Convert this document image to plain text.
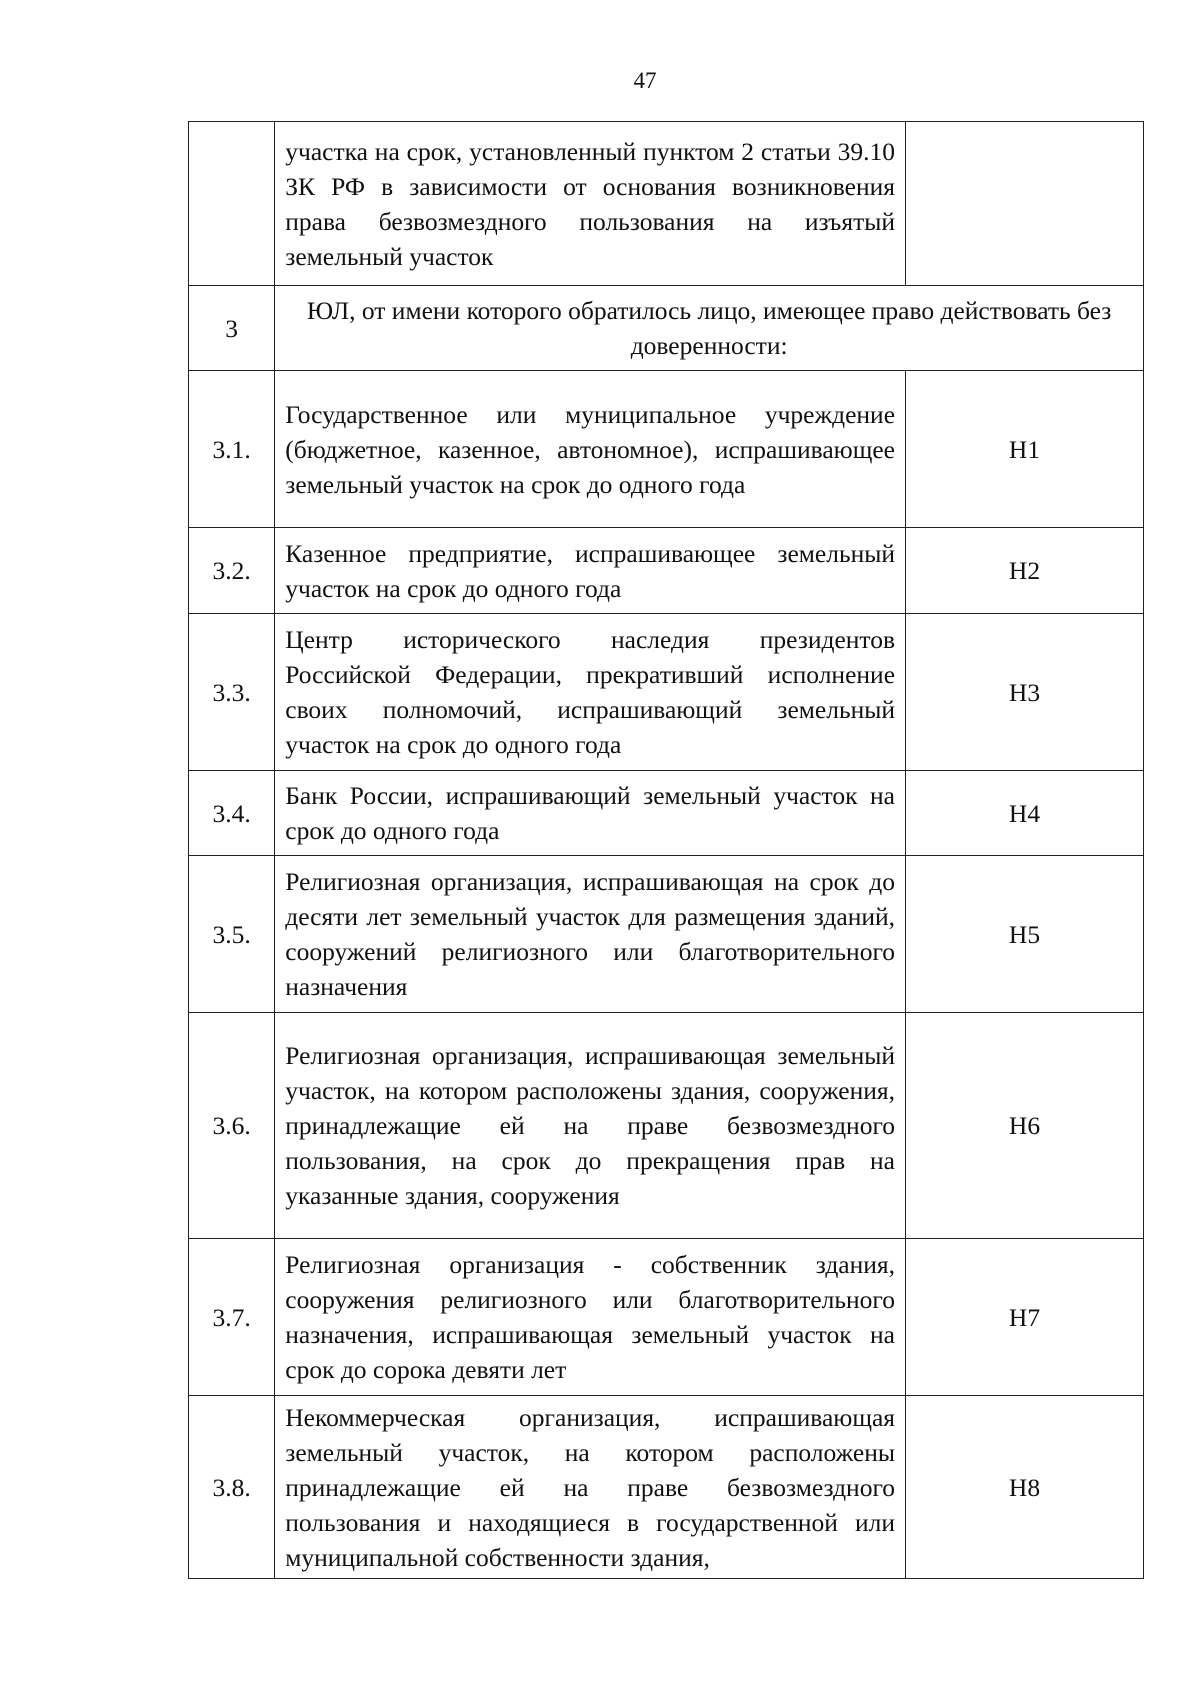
47
	участка на срок, установленный пунктом 2 статьи 39.10 ЗК РФ в зависимости от основания возникновения права безвозмездного пользования на изъятый земельный участок	
3	ЮЛ, от имени которого обратилось лицо, имеющее право действовать без доверенности:	
3.1.	Государственное или муниципальное учреждение (бюджетное, казенное, автономное), испрашивающее земельный участок на срок до одного года	Н1
3.2.	Казенное предприятие, испрашивающее земельный участок на срок до одного года	Н2
3.3.	Центр исторического наследия президентов Российской Федерации, прекративший исполнение своих полномочий, испрашивающий земельный участок на срок до одного года	Н3
3.4.	Банк России, испрашивающий земельный участок на срок до одного года	Н4
3.5.	Религиозная организация, испрашивающая на срок до десяти лет земельный участок для размещения зданий, сооружений религиозного или благотворительного назначения	Н5
3.6.	Религиозная организация, испрашивающая земельный участок, на котором расположены здания, сооружения, принадлежащие ей на праве безвозмездного пользования, на срок до прекращения прав на указанные здания, сооружения	Н6
3.7.	Религиозная организация - собственник здания, сооружения религиозного или благотворительного назначения, испрашивающая земельный участок на срок до сорока девяти лет	Н7
3.8.	Некоммерческая организация, испрашивающая земельный участок, на котором расположены принадлежащие ей на праве безвозмездного пользования и находящиеся в государственной или муниципальной собственности здания,	Н8
